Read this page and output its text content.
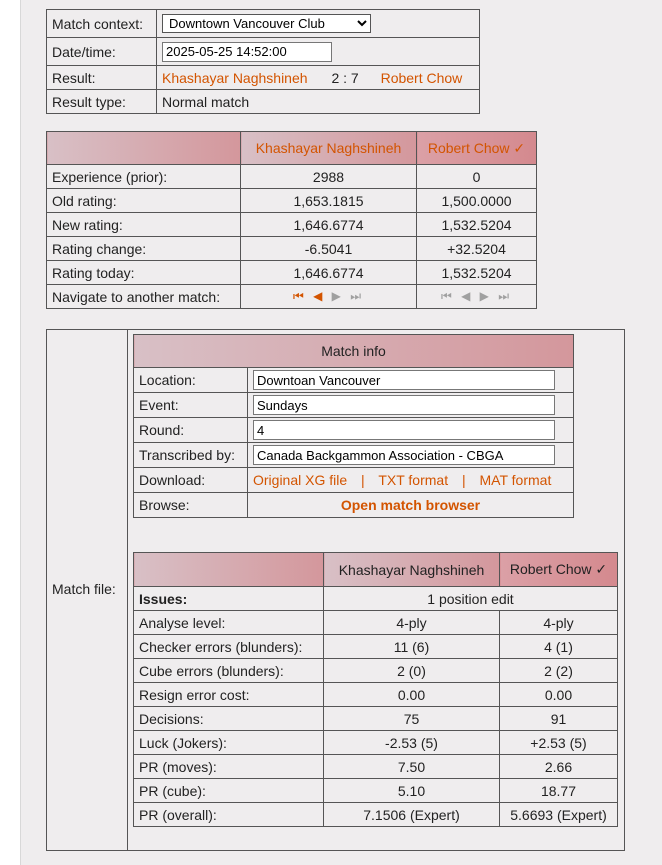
Match context:	
Downtown Vancouver Club
Date/time:	2025-05-25 14:52:00
Result:	Khashayar Naghshineh 2 : 7 Robert Chow
Result type:	Normal match
	Khashayar Naghshineh	Robert Chow ✓
Experience (prior):	2988	0
Old rating:	1,653.1815	1,500.0000
New rating:	1,646.6774	1,532.5204
Rating change:	-6.5041	+32.5204
Rating today:	1,646.6774	1,532.5204
Navigate to another match:	⏮ ◀ ▶ ⏭	⏮ ◀ ▶ ⏭
Match file:
Match info	
Location:	Downtoan Vancouver
Event:	Sundays
Round:	4
Transcribed by:	Canada Backgammon Association - CBGA
Download:	Original XG file | TXT format | MAT format
Browse:	Open match browser
	Khashayar Naghshineh	Robert Chow ✓
Issues:	1 position edit	
Analyse level:	4-ply	4-ply
Checker errors (blunders):	11 (6)	4 (1)
Cube errors (blunders):	2 (0)	2 (2)
Resign error cost:	0.00	0.00
Decisions:	75	91
Luck (Jokers):	-2.53 (5)	+2.53 (5)
PR (moves):	7.50	2.66
PR (cube):	5.10	18.77
PR (overall):	7.1506 (Expert)	5.6693 (Expert)
